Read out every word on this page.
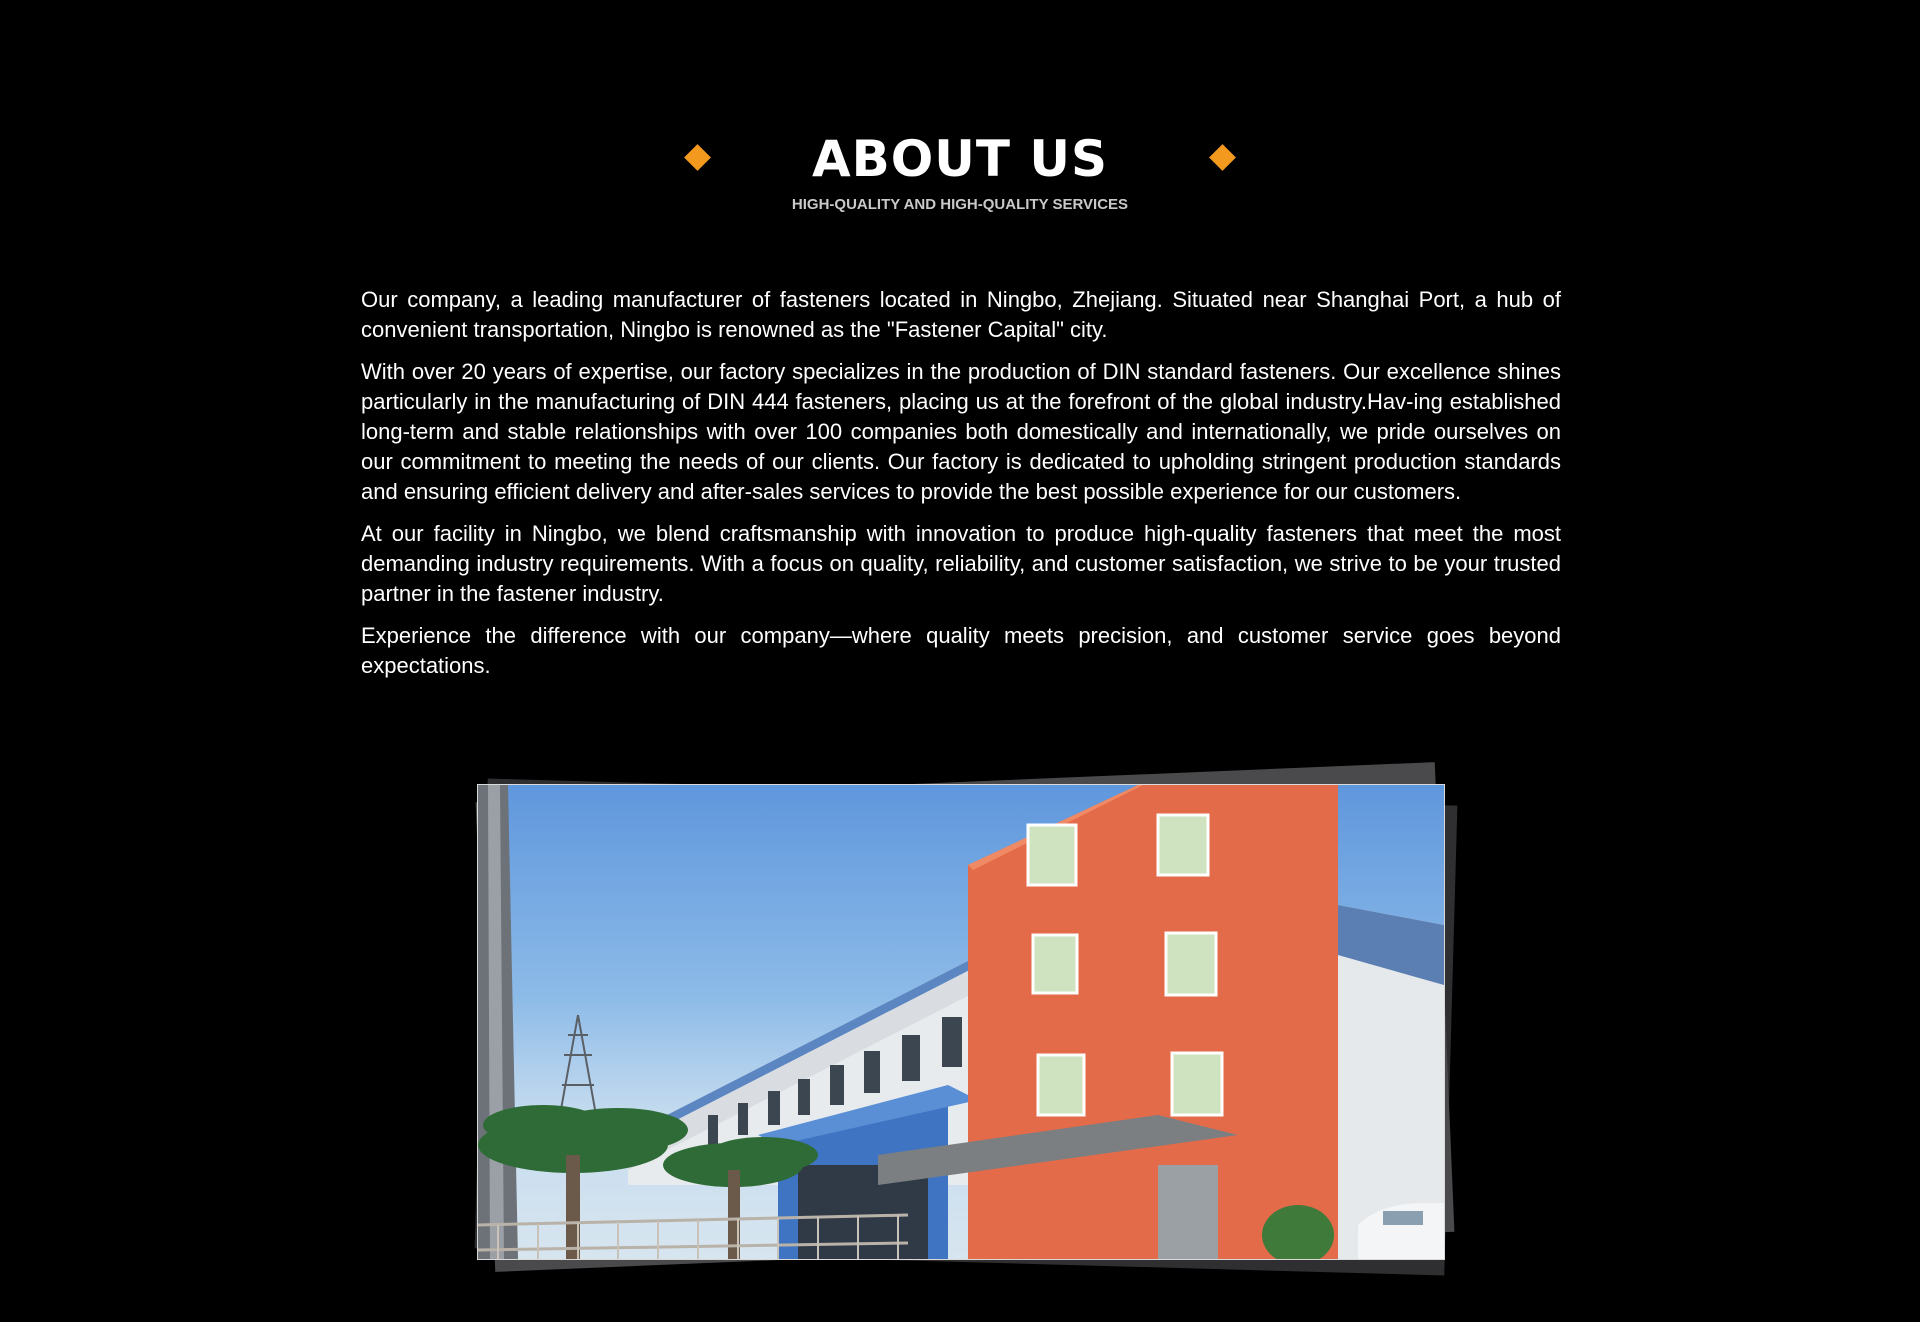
ABOUT US

HIGH-QUALITY AND HIGH-QUALITY SERVICES

Our company, a leading manufacturer of fasteners located in Ningbo, Zhejiang. Situated near Shanghai Port, a hub of convenient transportation, Ningbo is renowned as the "Fastener Capital" city.

With over 20 years of expertise, our factory specializes in the production of DIN standard fasteners. Our excellence shines particularly in the manufacturing of DIN 444 fasteners, placing us at the forefront of the global industry.Hav-ing established long-term and stable relationships with over 100 companies both domestically and internationally, we pride ourselves on our commitment to meeting the needs of our clients. Our factory is dedicated to upholding stringent production standards and ensuring efficient delivery and after-sales services to provide the best possible experience for our customers.

At our facility in Ningbo, we blend craftsmanship with innovation to produce high-quality fasteners that meet the most demanding industry requirements. With a focus on quality, reliability, and customer satisfaction, we strive to be your trusted partner in the fastener industry.

Experience the difference with our company—where quality meets precision, and customer service goes beyond expectations.
